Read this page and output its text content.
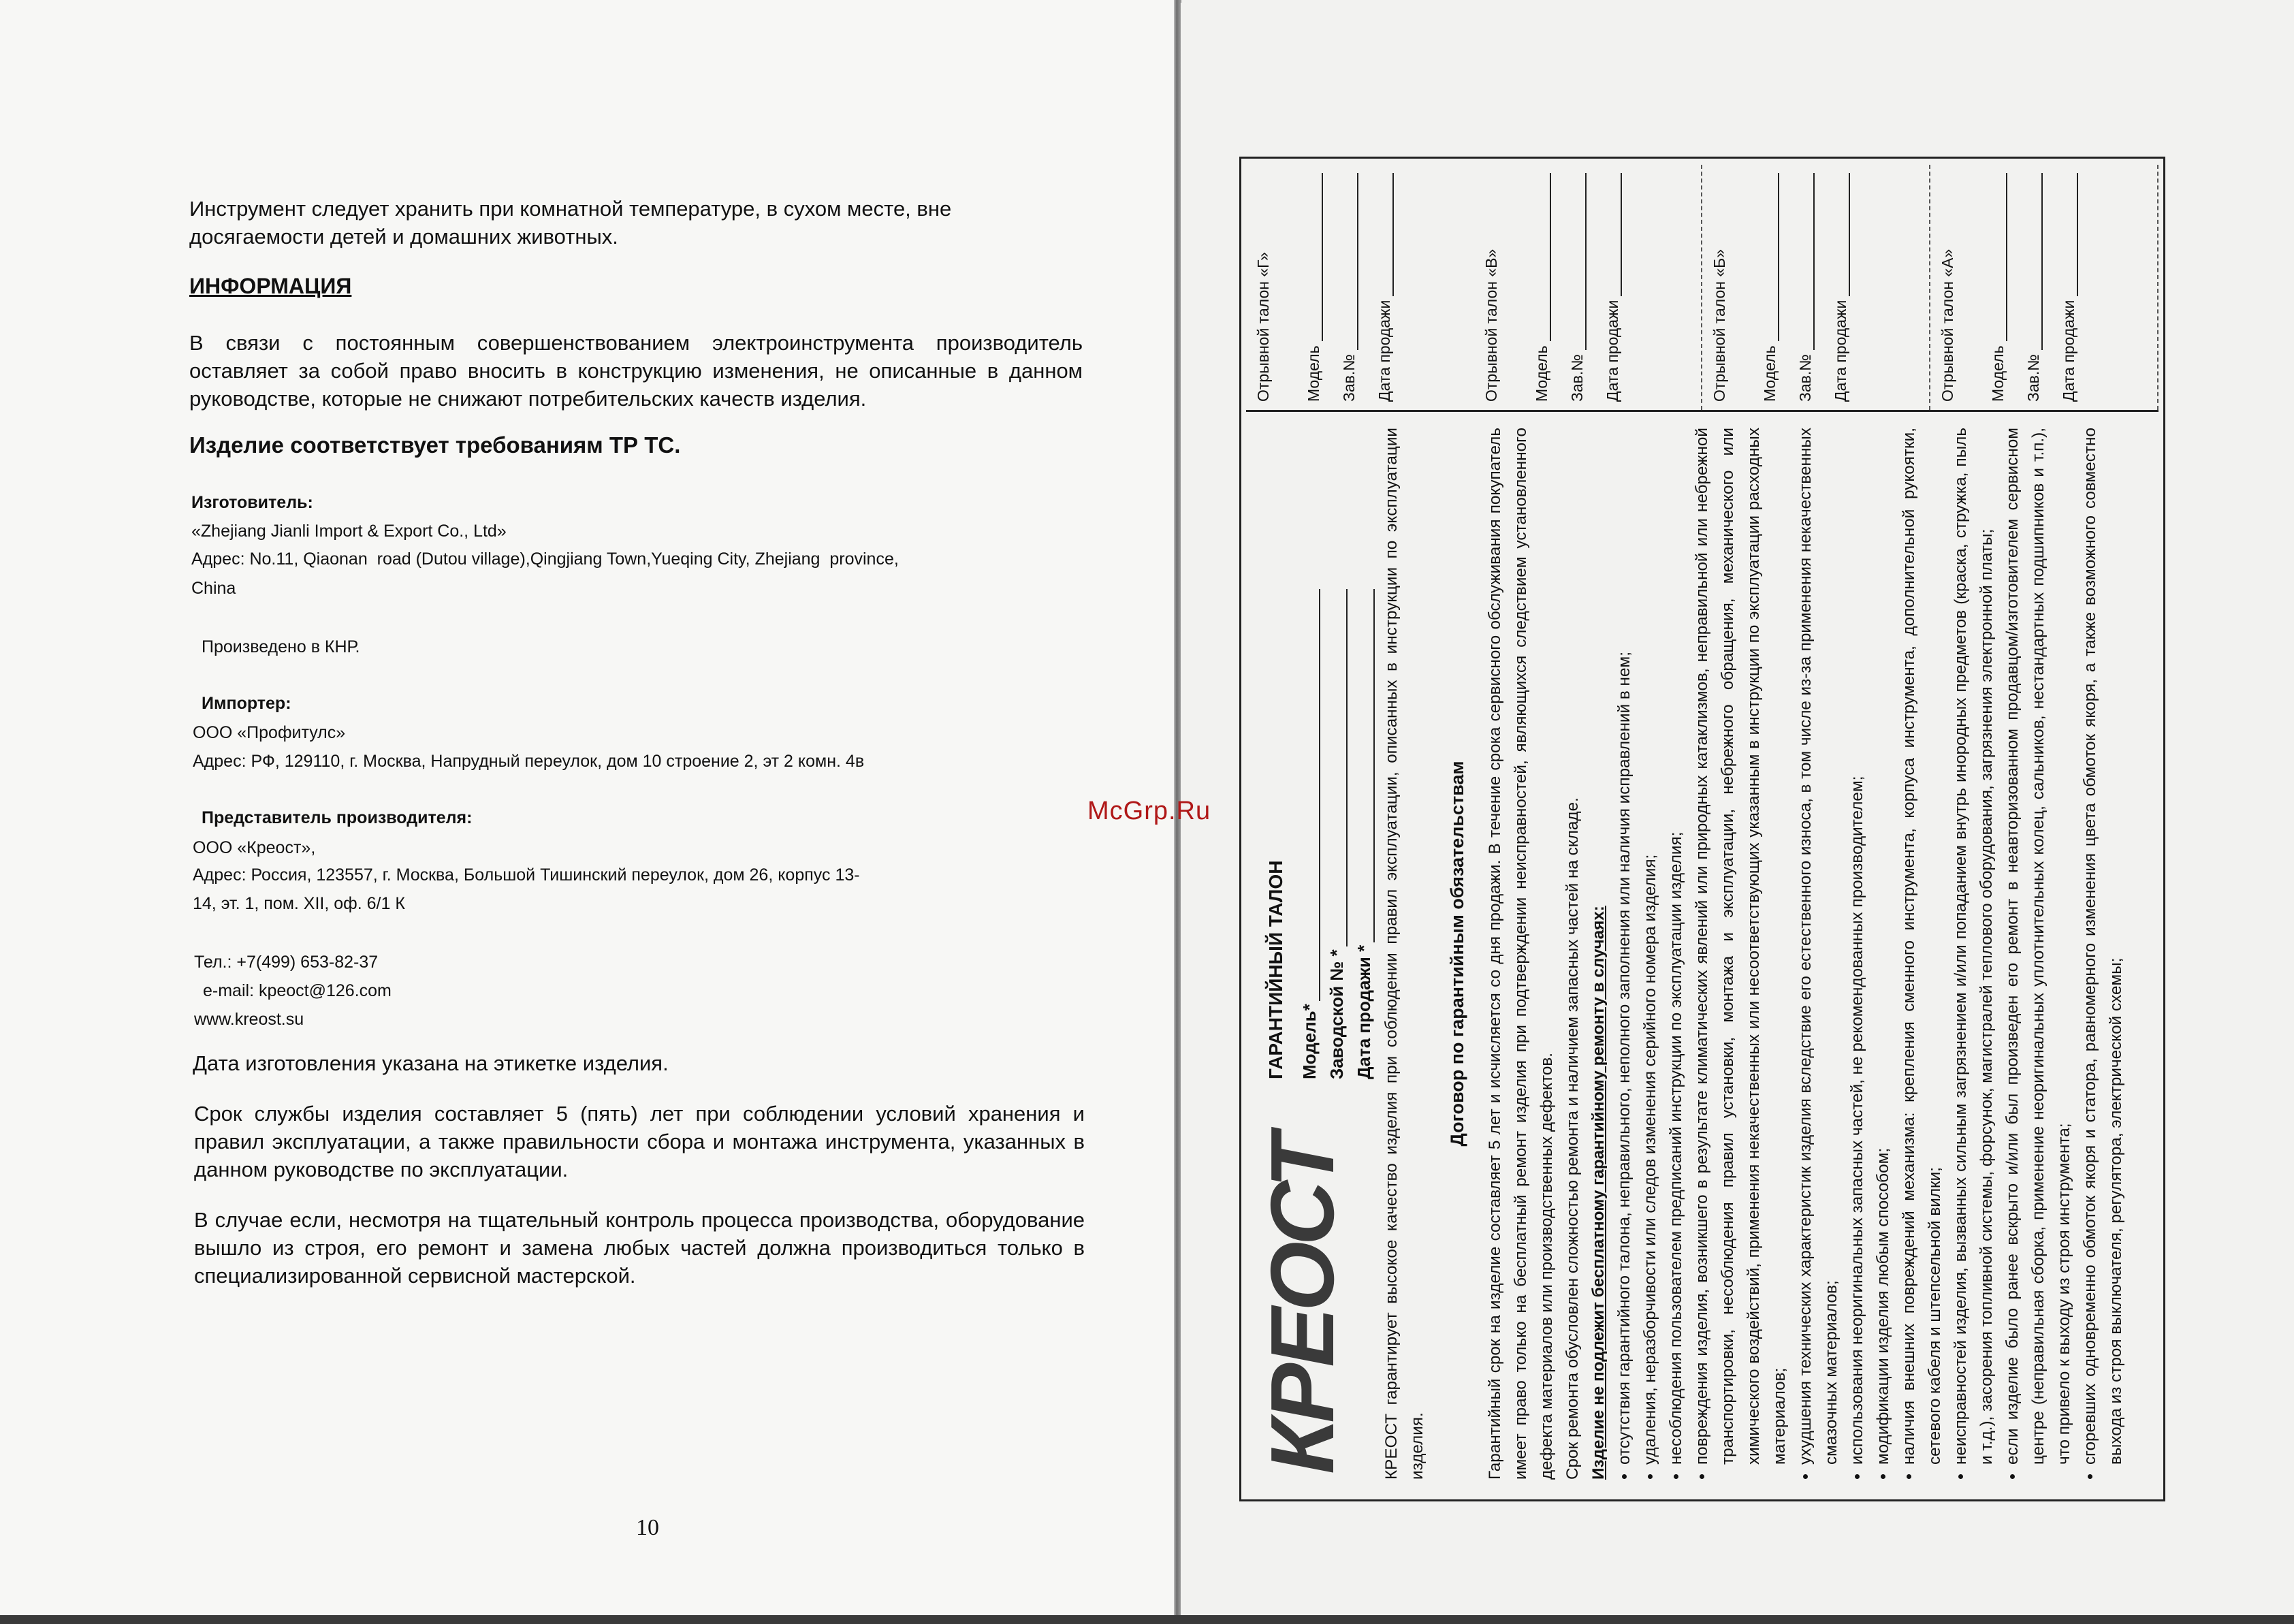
Инструмент следует хранить при комнатной температуре, в сухом месте, вне досягаемости детей и домашних животных.
ИНФОРМАЦИЯ
В связи с постоянным совершенствованием электроинструмента производитель оставляет за собой право вносить в конструкцию изменения, не описанные в данном руководстве, которые не снижают потребительских качеств изделия.
Изделие соответствует требованиям ТР ТС.
Изготовитель:
«Zhejiang Jianli Import & Export Co., Ltd»
Адрес: No.11, Qiaonan  road (Dutou village),Qingjiang Town,Yueqing City, Zhejiang  province,
China
Произведено в КНР.
Импортер:
ООО «Профитулс»
Адрес: РФ, 129110, г. Москва, Напрудный переулок, дом 10 строение 2, эт 2 комн. 4в
Представитель производителя:
ООО «Креост»,
Адрес: Россия, 123557, г. Москва, Большой Тишинский переулок, дом 26, корпус 13-
14, эт. 1, пом. XII, оф. 6/1 К
Тел.: +7(499) 653-82-37
e-mail: kpeoct@126.com
www.kreost.su
Дата изготовления указана на этикетке изделия.
Срок службы изделия составляет 5 (пять) лет при соблюдении условий хранения и правил эксплуатации, а также правильности сбора и монтажа инструмента, указанных в данном руководстве по эксплуатации.
В случае если, несмотря на тщательный контроль процесса производства, оборудование вышло из строя, его ремонт и замена любых частей должна производиться только в специализированной сервисной мастерской.
10
McGrp.Ru
КРЕОСТ
ГАРАНТИЙНЫЙ ТАЛОН Модель* Заводской № * Дата продажи * КРЕОСТ гарантирует высокое качество изделия при соблюдении правил эксплуатации, описанных в инструкции по эксплуатации изделия.

Договор по гарантийным обязательствам Гарантийный срок на изделие составляет 5 лет и исчисляется со дня продажи. В течение срока сервисного обслуживания покупатель имеет право только на бесплатный ремонт изделия при подтверждении неисправностей, являющихся следствием установленного дефекта материалов или производственных дефектов. Срок ремонта обусловлен сложностью ремонта и наличием запасных частей на складе. Изделие не подлежит бесплатному гарантийному ремонту в случаях: • отсутствия гарантийного талона, неправильного, неполного заполнения или наличия исправлений в нем; • удаления, неразборчивости или следов изменения серийного номера изделия; • несоблюдения пользователем предписаний инструкции по эксплуатации изделия; • повреждения изделия, возникшего в результате климатических явлений или природных катаклизмов, неправильной или небрежной транспортировки, несоблюдения правил установки, монтажа и эксплуатации, небрежного обращения, механического или химического воздействий, применения некачественных или несоответствующих указанным в инструкции по эксплуатации расходных материалов; • ухудшения технических характеристик изделия вследствие его естественного износа, в том числе из-за применения некачественных смазочных материалов; • использования неоригинальных запасных частей, не рекомендованных производителем; • модификации изделия любым способом; • наличия внешних повреждений механизма: крепления сменного инструмента, корпуса инструмента, дополнительной рукоятки, сетевого кабеля и штепсельной вилки; • неисправностей изделия, вызванных сильным загрязнением и/или попаданием внутрь инородных предметов (краска, стружка, пыль и т.д.), засорения топливной системы, форсунок, магистралей теплового оборудования, загрязнения электронной платы; • если изделие было ранее вскрыто и/или был произведен его ремонт в неавторизованном продавцом/изготовителем сервисном центре (неправильная сборка, применение неоригинальных уплотнительных колец, сальников, нестандартных подшипников и т.п.), что привело к выходу из строя инструмента; • сгоревших одновременно обмоток якоря и статора, равномерного изменения цвета обмоток якоря, а также возможного совместно выхода из строя выключателя, регулятора, электрической схемы;
Отрывной талон «А» Модель Зав.№ Дата продажи
Отрывной талон «Б» Модель Зав.№ Дата продажи
Отрывной талон «В» Модель Зав.№ Дата продажи
Отрывной талон «Г» Модель Зав.№ Дата продажи
